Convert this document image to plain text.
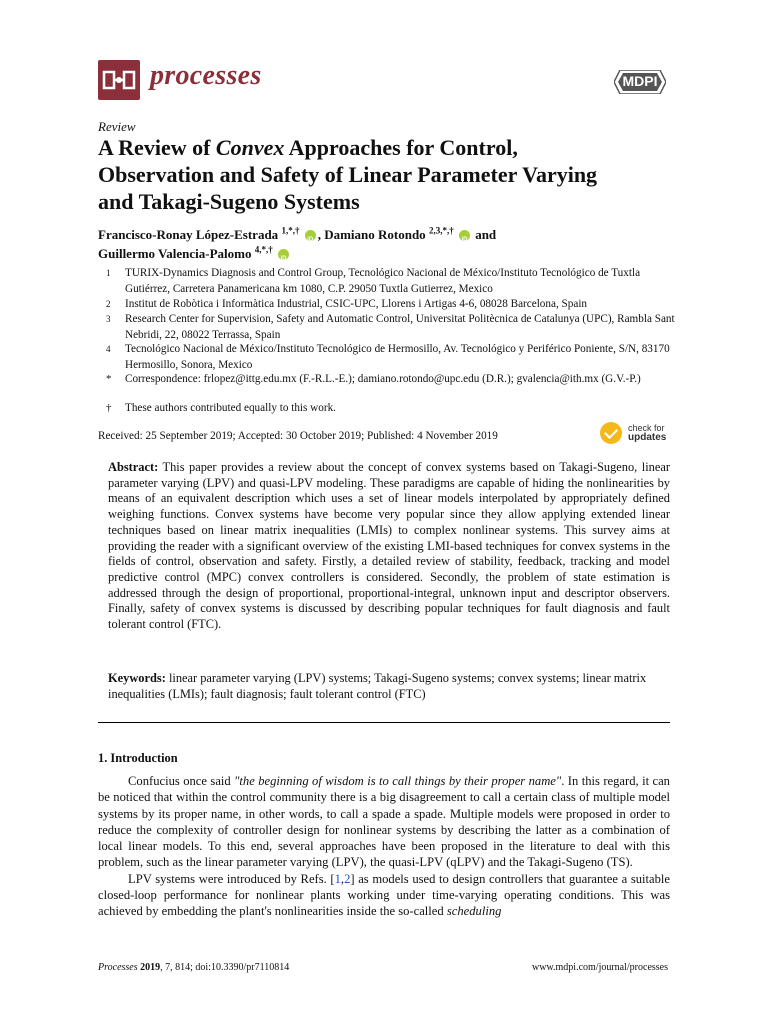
processes	MDPI
Review
A Review of Convex Approaches for Control,
Observation and Safety of Linear Parameter Varying
and Takagi-Sugeno Systems
Francisco-Ronay López-Estrada $^{1,*,\dagger}$ iD , Damiano Rotondo $^{2,3,*,\dagger}$ iD and
Guillermo Valencia-Palomo $^{4,*,\dagger}$ iD
1 TURIX-Dynamics Diagnosis and Control Group, Tecnológico Nacional de México/Instituto Tecnológico de Tuxtla Gutiérrez, Carretera Panamericana km 1080, C.P. 29050 Tuxtla Gutierrez, Mexico
2 Institut de Robòtica i Informàtica Industrial, CSIC-UPC, Llorens i Artigas 4-6, 08028 Barcelona, Spain
3 Research Center for Supervision, Safety and Automatic Control, Universitat Politècnica de Catalunya (UPC), Rambla Sant Nebridi, 22, 08022 Terrassa, Spain
4 Tecnológico Nacional de México/Instituto Tecnológico de Hermosillo, Av. Tecnológico y Periférico Poniente, S/N, 83170 Hermosillo, Sonora, Mexico
* Correspondence: frlopez@ittg.edu.mx (F.-R.L.-E.); damiano.rotondo@upc.edu (D.R.); gvalencia@ith.mx (G.V.-P.)
† These authors contributed equally to this work.
Received: 25 September 2019; Accepted: 30 October 2019; Published: 4 November 2019
check for
updates
Abstract: This paper provides a review about the concept of convex systems based on Takagi-Sugeno, linear parameter varying (LPV) and quasi-LPV modeling. These paradigms are capable of hiding the nonlinearities by means of an equivalent description which uses a set of linear models interpolated by appropriately defined weighing functions. Convex systems have become very popular since they allow applying extended linear techniques based on linear matrix inequalities (LMIs) to complex nonlinear systems. This survey aims at providing the reader with a significant overview of the existing LMI-based techniques for convex systems in the fields of control, observation and safety. Firstly, a detailed review of stability, feedback, tracking and model predictive control (MPC) convex controllers is considered. Secondly, the problem of state estimation is addressed through the design of proportional, proportional-integral, unknown input and descriptor observers. Finally, safety of convex systems is discussed by describing popular techniques for fault diagnosis and fault tolerant control (FTC).
Keywords: linear parameter varying (LPV) systems; Takagi-Sugeno systems; convex systems; linear matrix inequalities (LMIs); fault diagnosis; fault tolerant control (FTC)
1. Introduction

Confucius once said "the beginning of wisdom is to call things by their proper name". In this regard, it can be noticed that within the control community there is a big disagreement to call a certain class of multiple model systems by its proper name, in other words, to call a spade a spade. Multiple models were proposed in order to reduce the complexity of controller design for nonlinear systems by describing the latter as a combination of local linear models. To this end, several approaches have been proposed in the literature to deal with this problem, such as the linear parameter varying (LPV), the quasi-LPV (qLPV) and the Takagi-Sugeno (TS).

LPV systems were introduced by Refs. [1,2] as models used to design controllers that guarantee a suitable closed-loop performance for nonlinear plants working under time-varying operating conditions. This was achieved by embedding the plant's nonlinearities inside the so-called scheduling

Processes 2019, 7, 814; doi:10.3390/pr7110814	www.mdpi.com/journal/processes
